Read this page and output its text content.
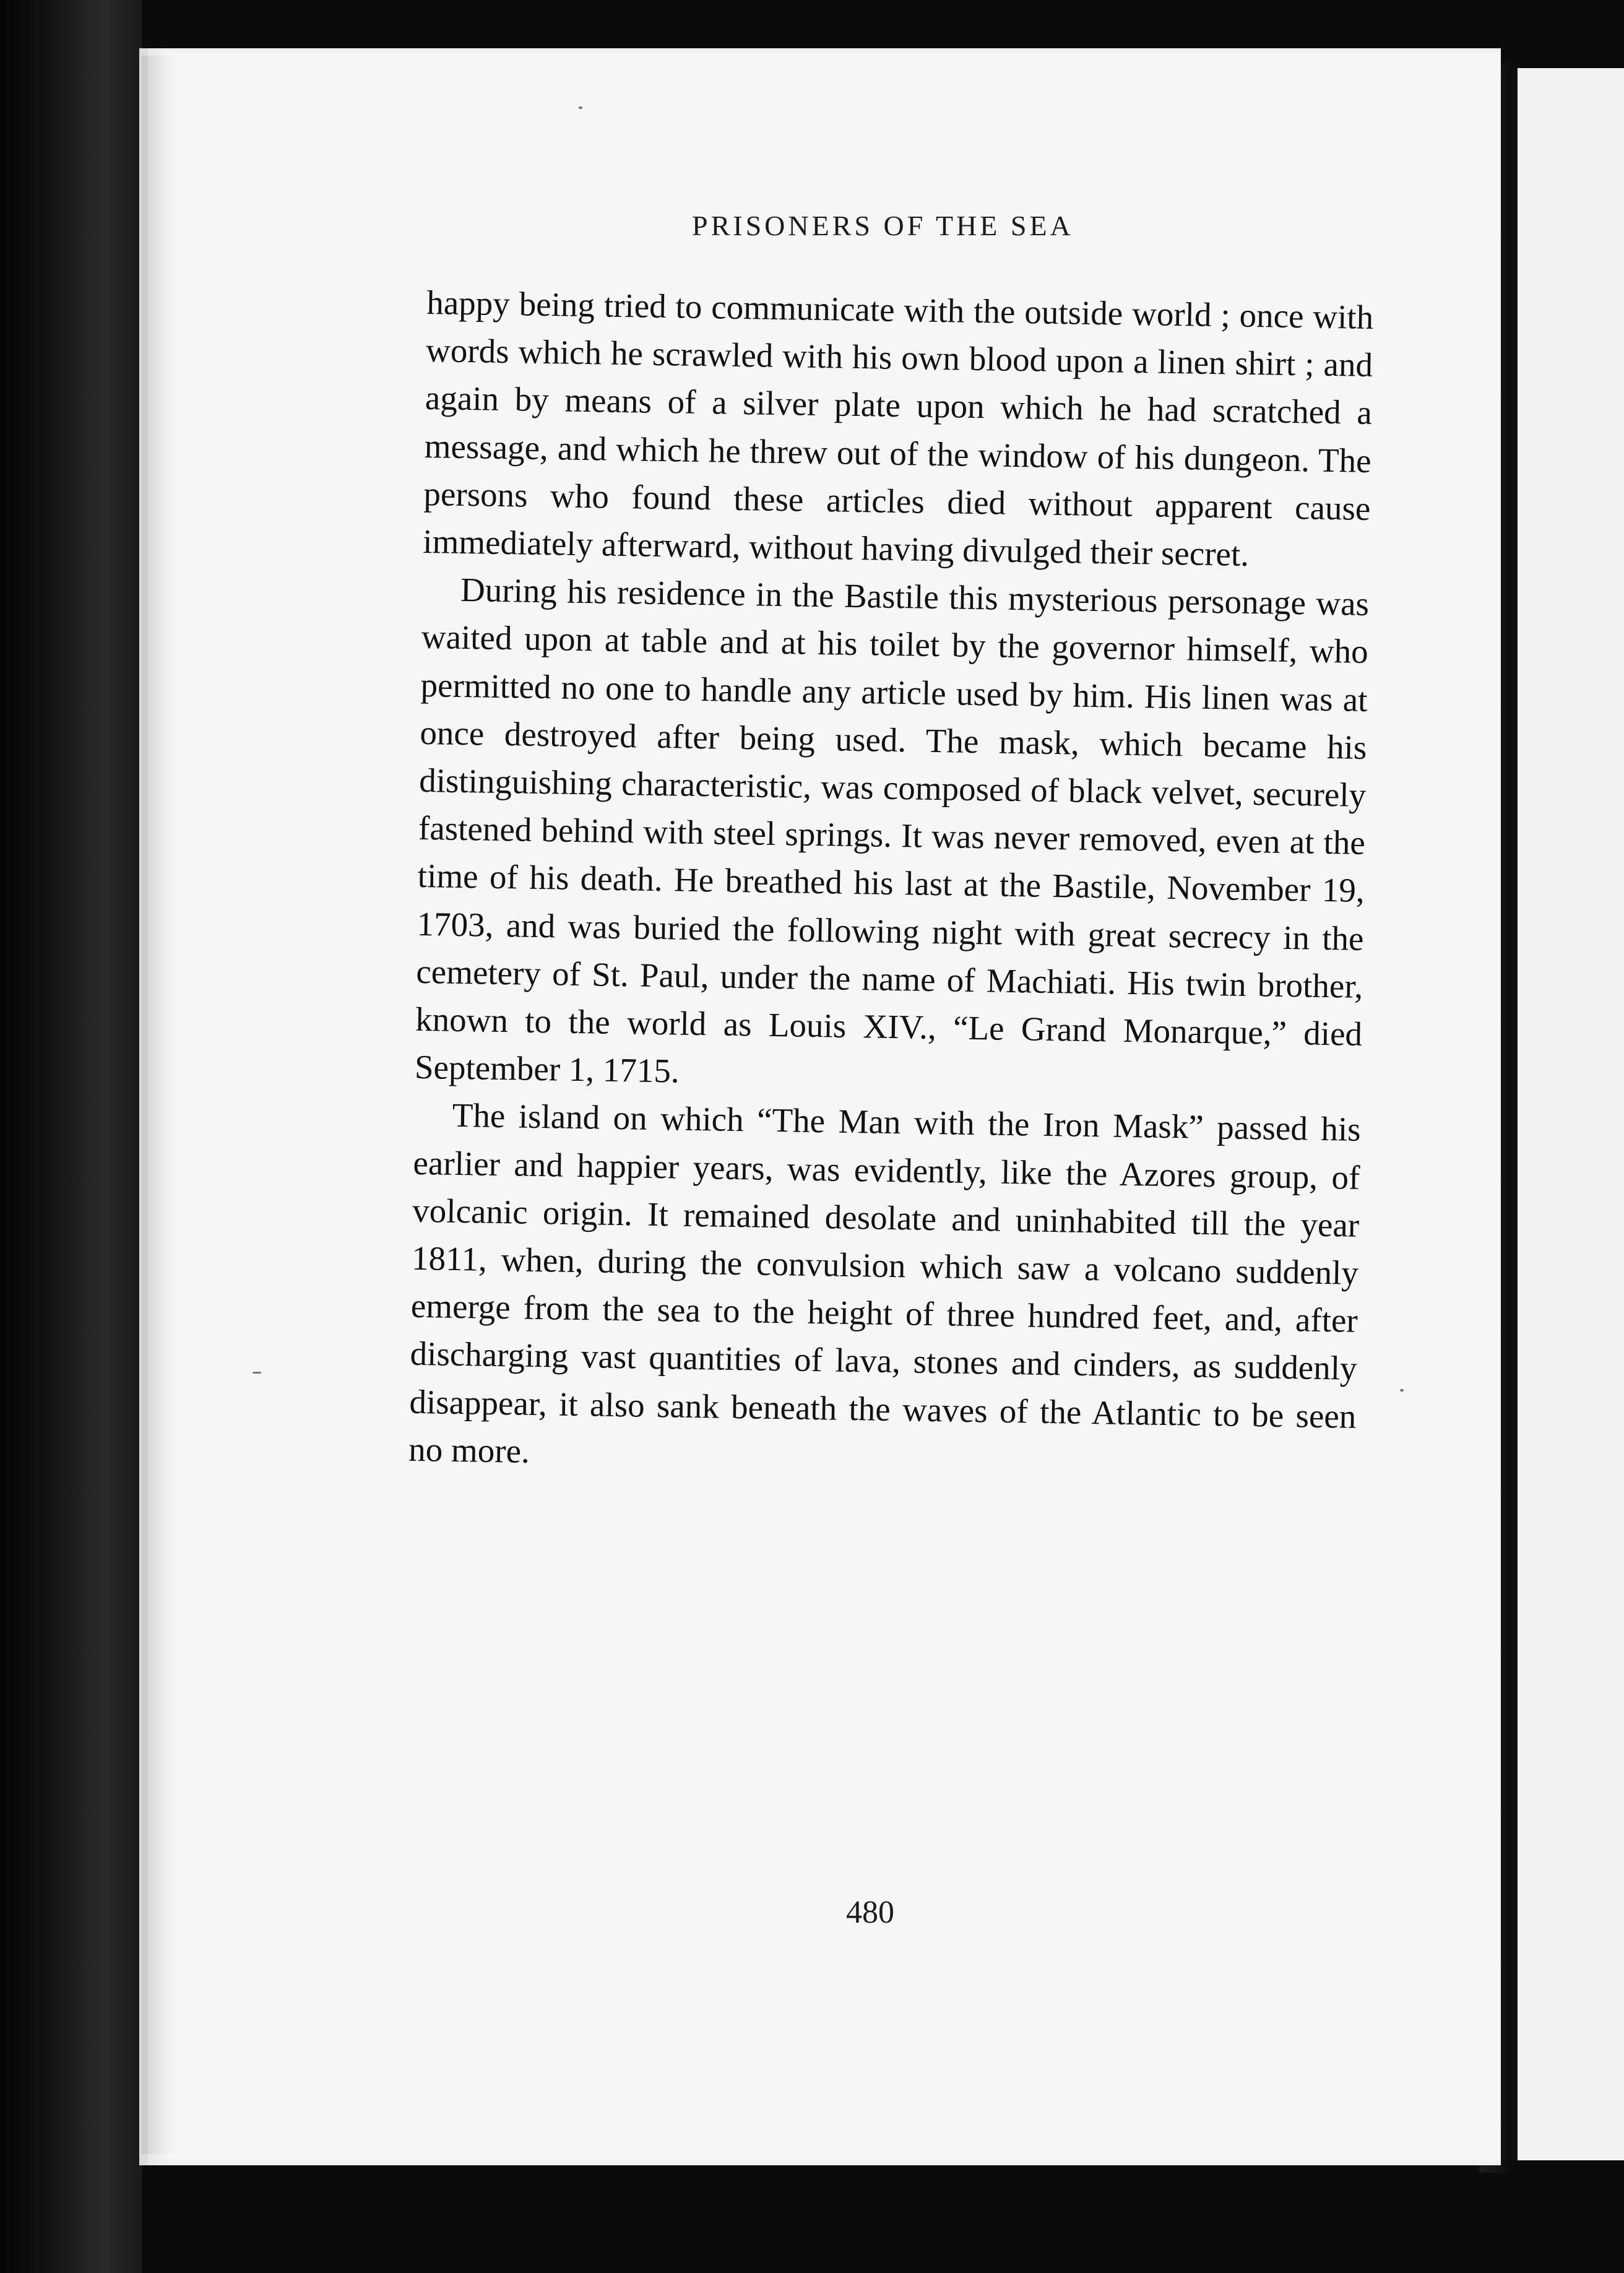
PRISONERS OF THE SEA

happy being tried to communicate with the outside world ; once with words which he scrawled with his own blood upon a linen shirt ; and again by means of a silver plate upon which he had scratched a message, and which he threw out of the window of his dungeon. The persons who found these articles died without apparent cause immediately afterward, without having divulged their secret.

During his residence in the Bastile this mysterious personage was waited upon at table and at his toilet by the governor himself, who permitted no one to handle any article used by him. His linen was at once destroyed after being used. The mask, which became his distinguishing characteristic, was composed of black velvet, securely fastened behind with steel springs. It was never removed, even at the time of his death. He breathed his last at the Bastile, November 19, 1703, and was buried the following night with great secrecy in the cemetery of St. Paul, under the name of Machiati. His twin brother, known to the world as Louis XIV., “Le Grand Monarque,” died September 1, 1715.

The island on which “The Man with the Iron Mask” passed his earlier and happier years, was evidently, like the Azores group, of volcanic origin. It remained desolate and uninhabited till the year 1811, when, during the convulsion which saw a volcano suddenly emerge from the sea to the height of three hundred feet, and, after discharging vast quantities of lava, stones and cinders, as suddenly disappear, it also sank beneath the waves of the Atlantic to be seen no more.

480
